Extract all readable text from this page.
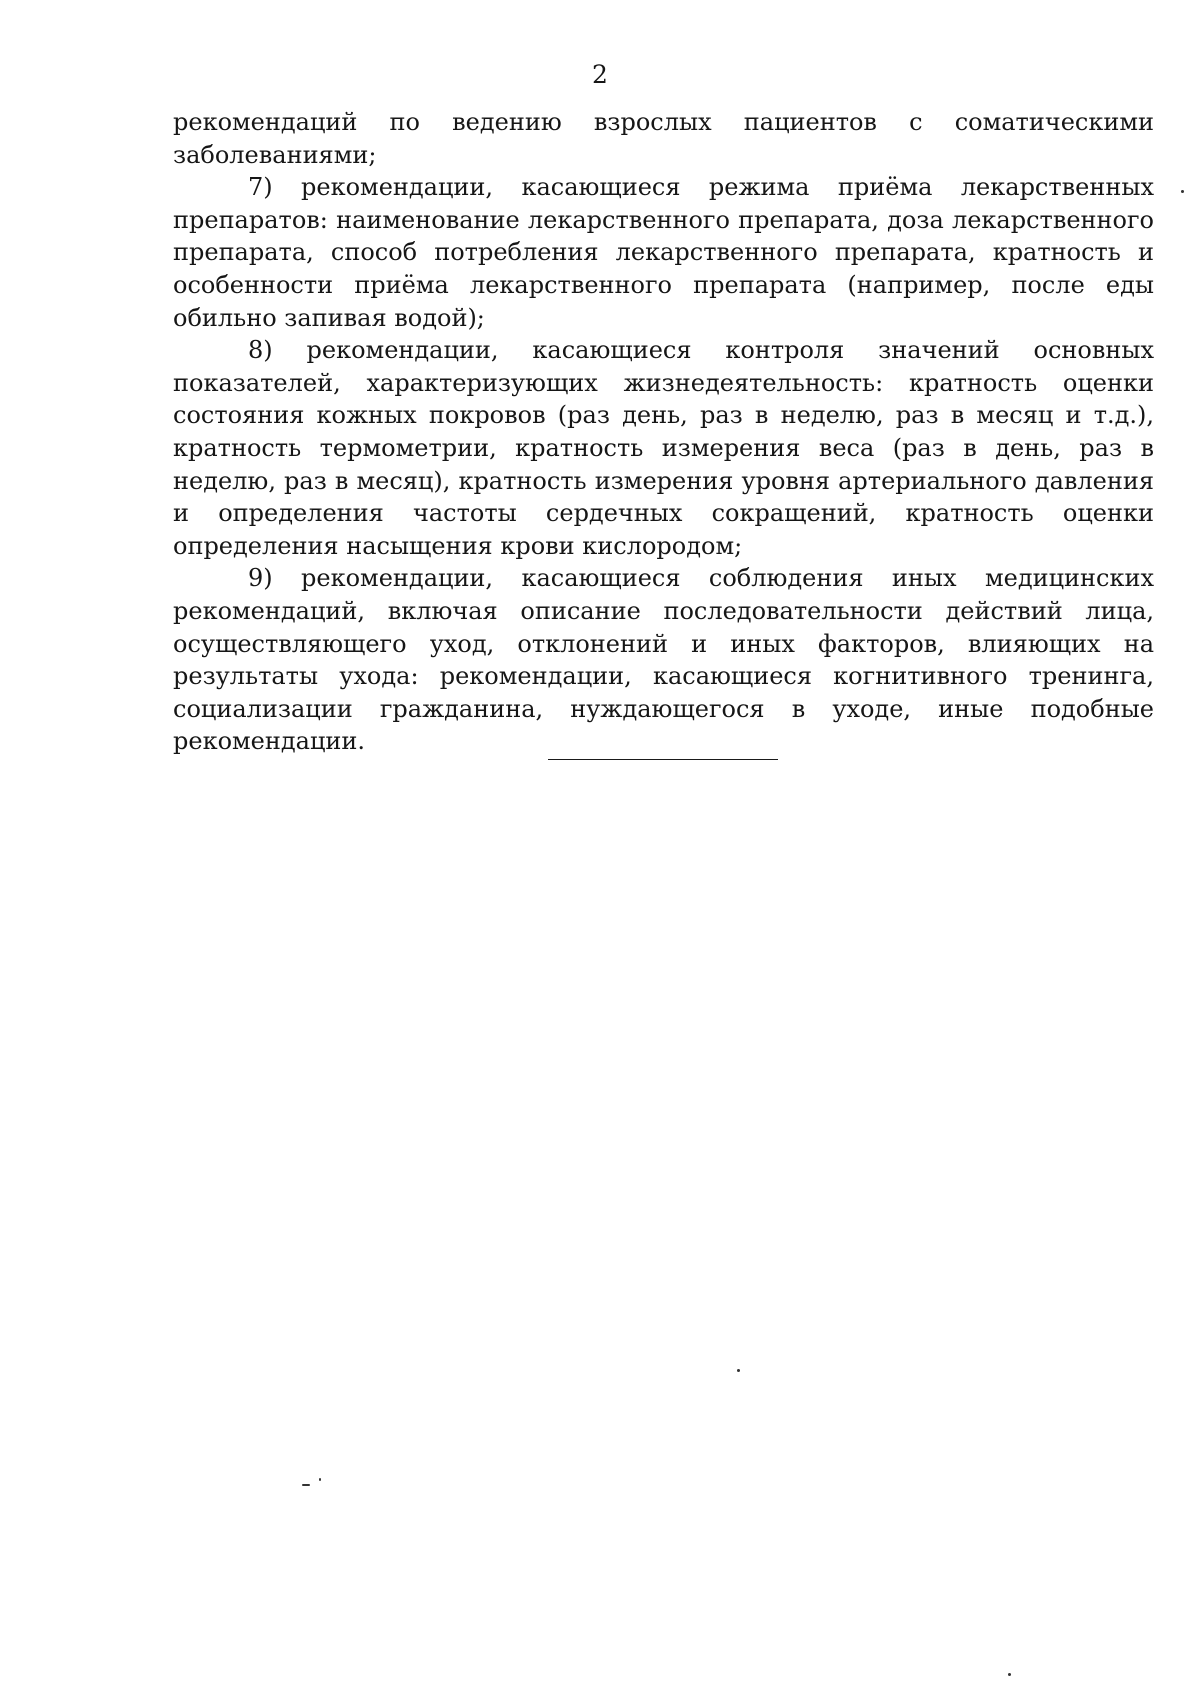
2

рекомендаций по ведению взрослых пациентов с соматическими заболеваниями;

7) рекомендации, касающиеся режима приёма лекарственных препаратов: наименование лекарственного препарата, доза лекарственного препарата, способ потребления лекарственного препарата, кратность и особенности приёма лекарственного препарата (например, после еды обильно запивая водой);

8) рекомендации, касающиеся контроля значений основных показателей, характеризующих жизнедеятельность: кратность оценки состояния кожных покровов (раз день, раз в неделю, раз в месяц и т.д.), кратность термометрии, кратность измерения веса (раз в день, раз в неделю, раз в месяц), кратность измерения уровня артериального давления и определения частоты сердечных сокращений, кратность оценки определения насыщения крови кислородом;

9) рекомендации, касающиеся соблюдения иных медицинских рекомендаций, включая описание последовательности действий лица, осуществляющего уход, отклонений и иных факторов, влияющих на результаты ухода: рекомендации, касающиеся когнитивного тренинга, социализации гражданина, нуждающегося в уходе, иные подобные рекомендации.
